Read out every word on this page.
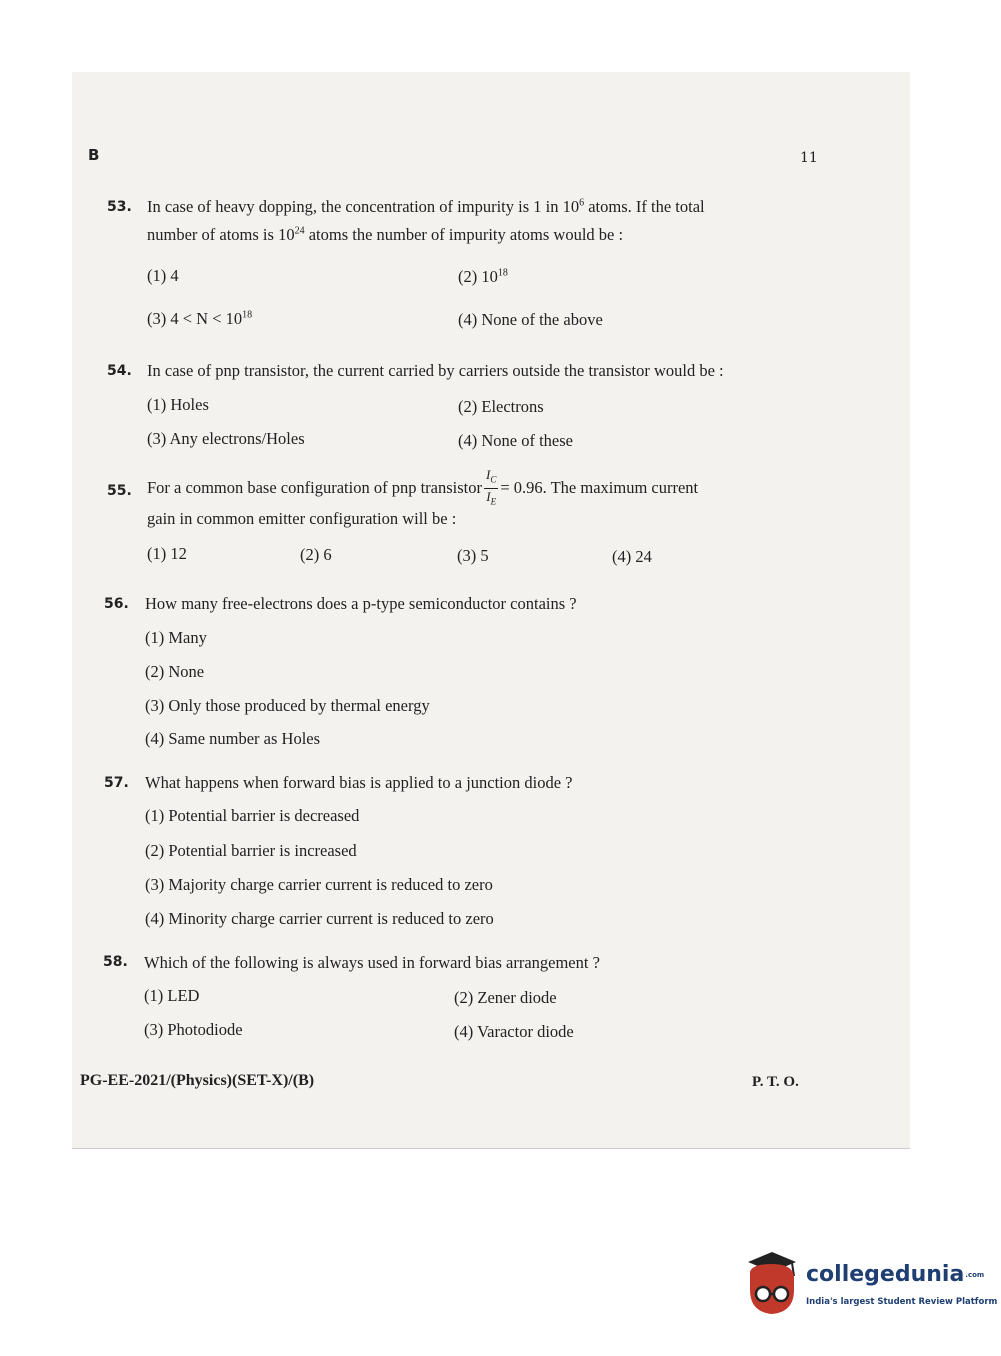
B	11
53. In case of heavy dopping, the concentration of impurity is 1 in $10^6$ atoms. If the total
number of atoms is $10^{24}$ atoms the number of impurity atoms would be :
(1) 4	(2) $10^{18}$
(3) $4 < N < 10^{18}$	(4) None of the above
54. In case of pnp transistor, the current carried by carriers outside the transistor would be :
(1) Holes	(2) Electrons
(3) Any electrons/Holes	(4) None of these
55. For a common base configuration of pnp transistor $\frac{I_C}{I_E} = 0.96$. The maximum current
gain in common emitter configuration will be :
(1) 12	(2) 6	(3) 5	(4) 24
56. How many free-electrons does a p-type semiconductor contains ?
(1) Many
(2) None
(3) Only those produced by thermal energy
(4) Same number as Holes
57. What happens when forward bias is applied to a junction diode ?
(1) Potential barrier is decreased
(2) Potential barrier is increased
(3) Majority charge carrier current is reduced to zero
(4) Minority charge carrier current is reduced to zero
58. Which of the following is always used in forward bias arrangement ?
(1) LED	(2) Zener diode
(3) Photodiode	(4) Varactor diode
PG-EE-2021/(Physics)(SET-X)/(B)	P. T. O.
collegedunia.com
India's largest Student Review Platform
